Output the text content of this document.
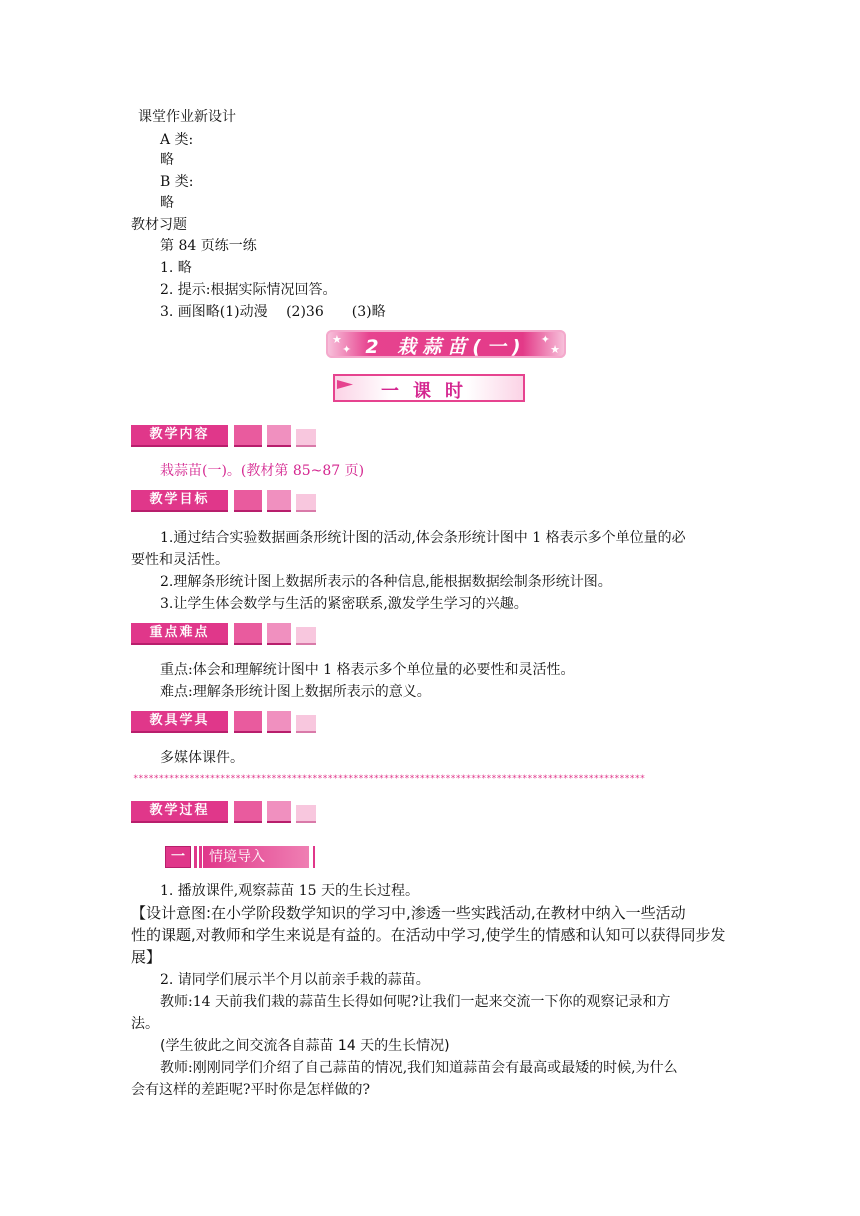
课堂作业新设计
A 类:
略
B 类:
略
教材习题
第 84 页练一练
1. 略
2. 提示:根据实际情况回答。
3. 画图略(1)动漫　 (2)36　　(3)略
★
✦
✦
★
2 栽蒜苗(一)
一课时
教学内容
栽蒜苗(一)。(教材第 85~87 页)
教学目标
1.通过结合实验数据画条形统计图的活动,体会条形统计图中 1 格表示多个单位量的必
要性和灵活性。
2.理解条形统计图上数据所表示的各种信息,能根据数据绘制条形统计图。
3.让学生体会数学与生活的紧密联系,激发学生学习的兴趣。
重点难点
重点:体会和理解统计图中 1 格表示多个单位量的必要性和灵活性。
难点:理解条形统计图上数据所表示的意义。
教具学具
多媒体课件。
****************************************************************************************************
教学过程
一	情境导入
1. 播放课件,观察蒜苗 15 天的生长过程。
【设计意图:在小学阶段数学知识的学习中,渗透一些实践活动,在教材中纳入一些活动
性的课题,对教师和学生来说是有益的。在活动中学习,使学生的情感和认知可以获得同步发
展】
2. 请同学们展示半个月以前亲手栽的蒜苗。
教师:14 天前我们栽的蒜苗生长得如何呢?让我们一起来交流一下你的观察记录和方
法。
(学生彼此之间交流各自蒜苗 14 天的生长情况)
教师:刚刚同学们介绍了自己蒜苗的情况,我们知道蒜苗会有最高或最矮的时候,为什么
会有这样的差距呢?平时你是怎样做的?
